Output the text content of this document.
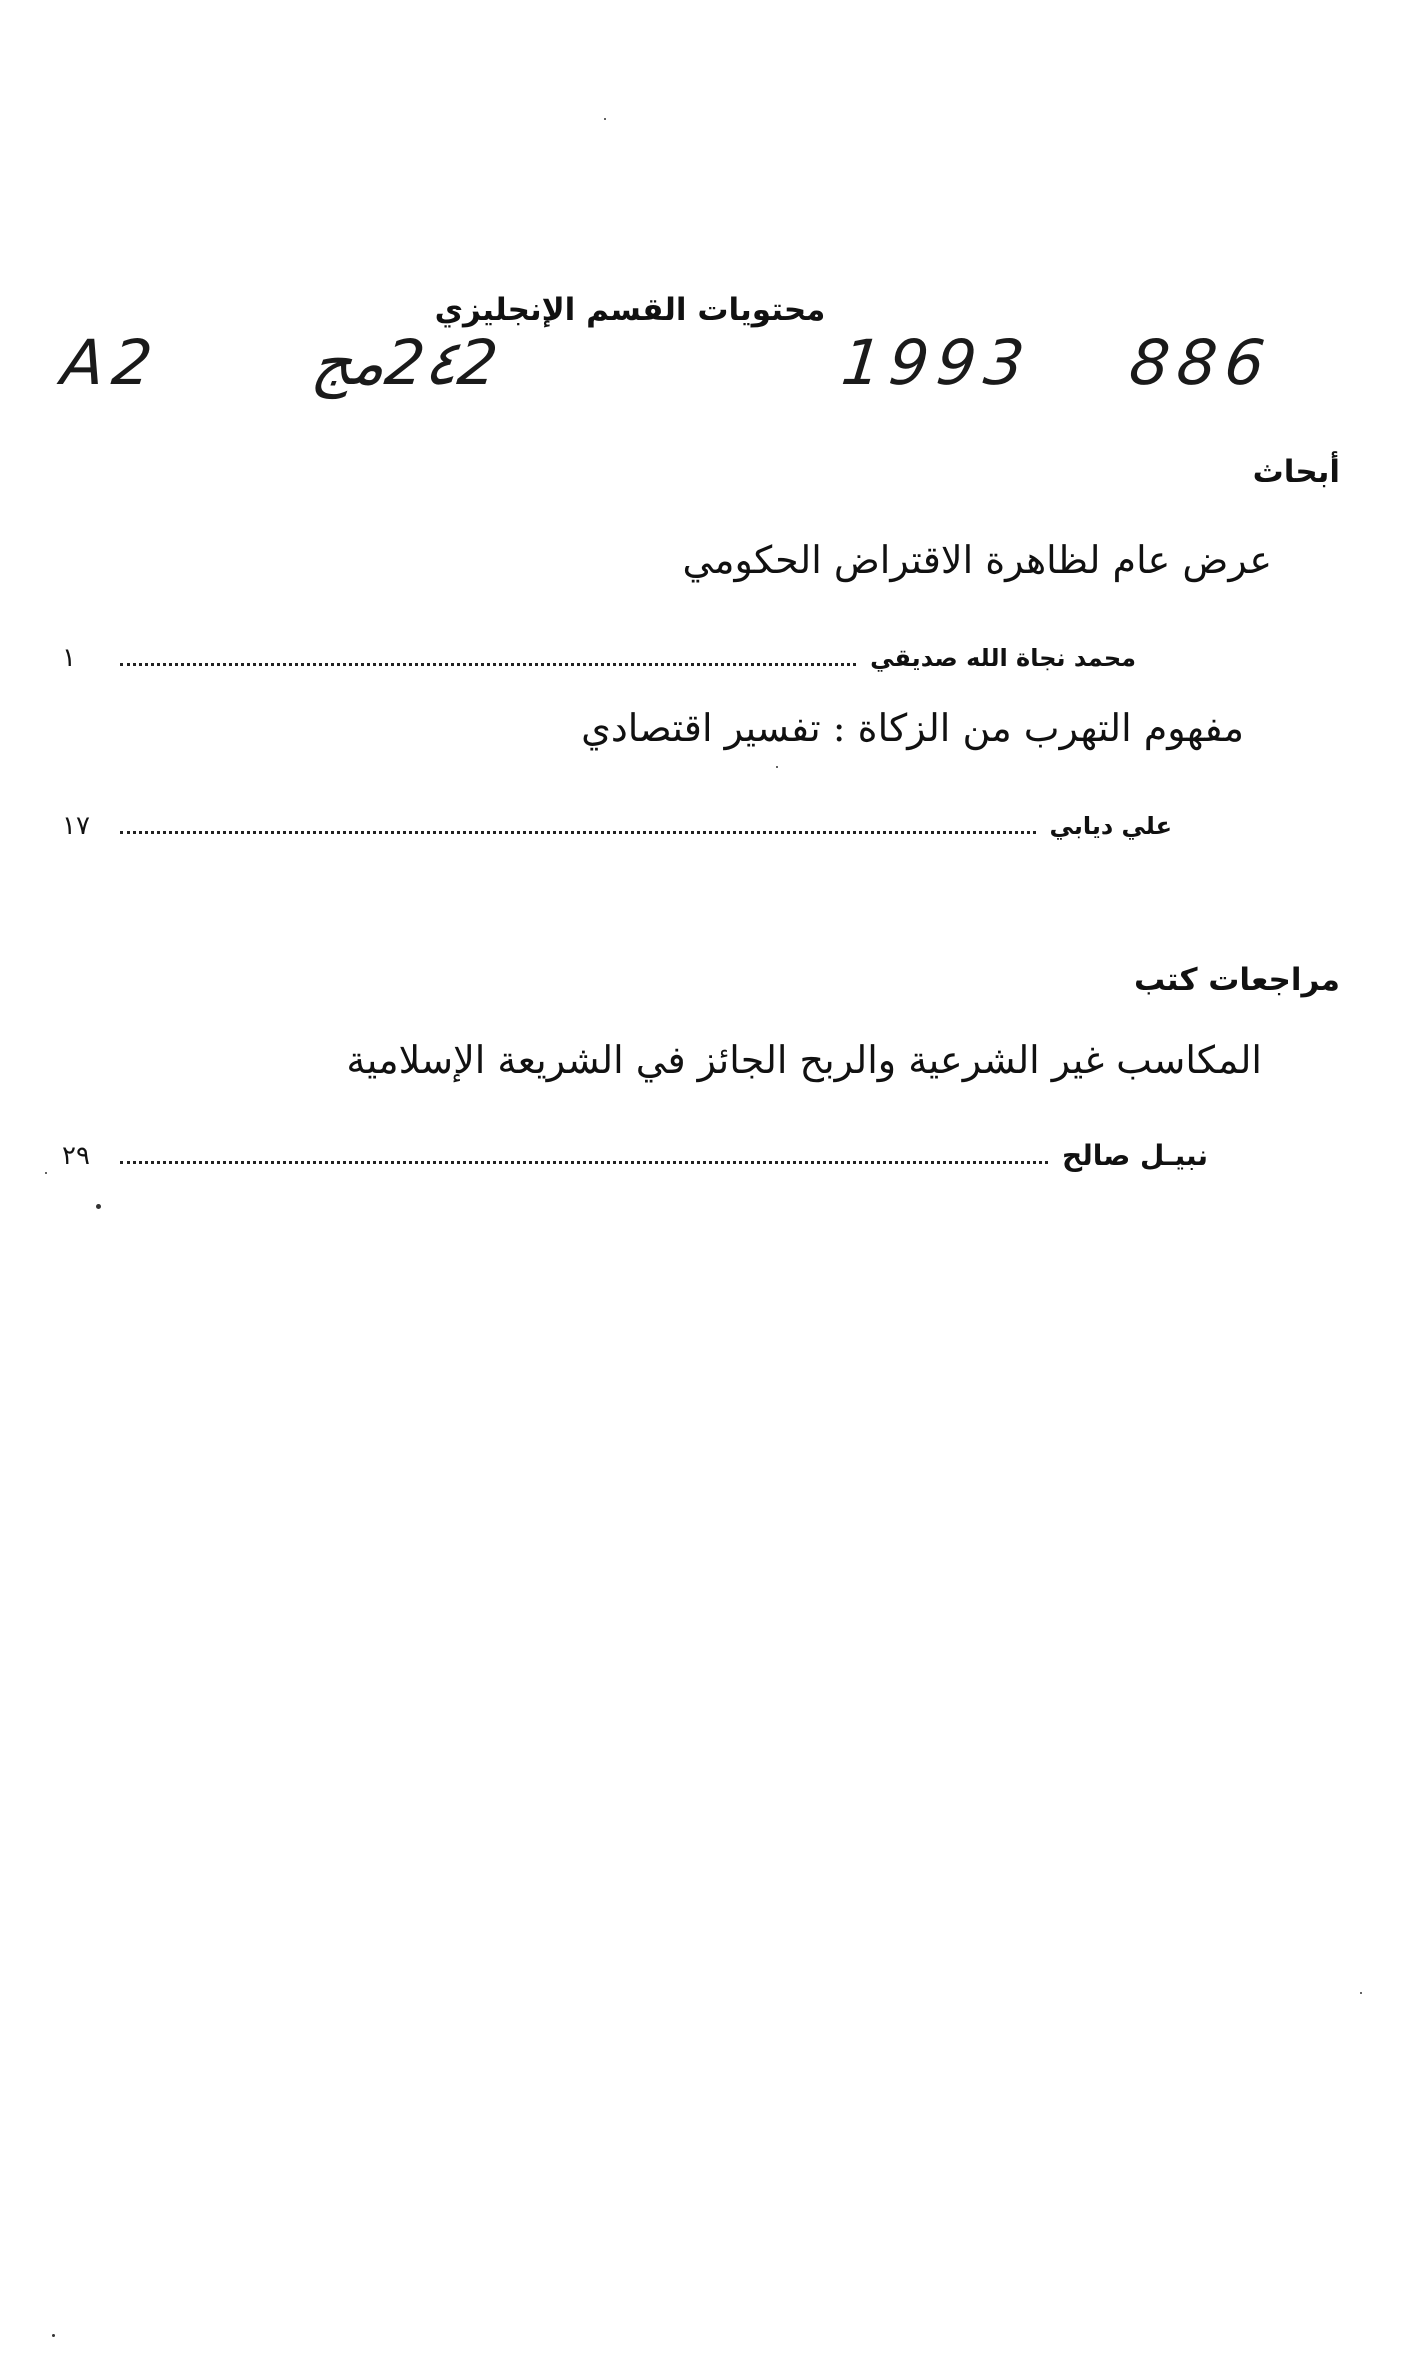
محتويات القسم الإنجليزي
A2 2٤2مج	1993 886
أبحاث
عرض عام لظاهرة الاقتراض الحكومي
محمد نجاة الله صديقي
١
مفهوم التهرب من الزكاة : تفسير اقتصادي
علي ديابي
١٧
مراجعات كتب
المكاسب غير الشرعية والربح الجائز في الشريعة الإسلامية
نبيـل صالح
٢٩
